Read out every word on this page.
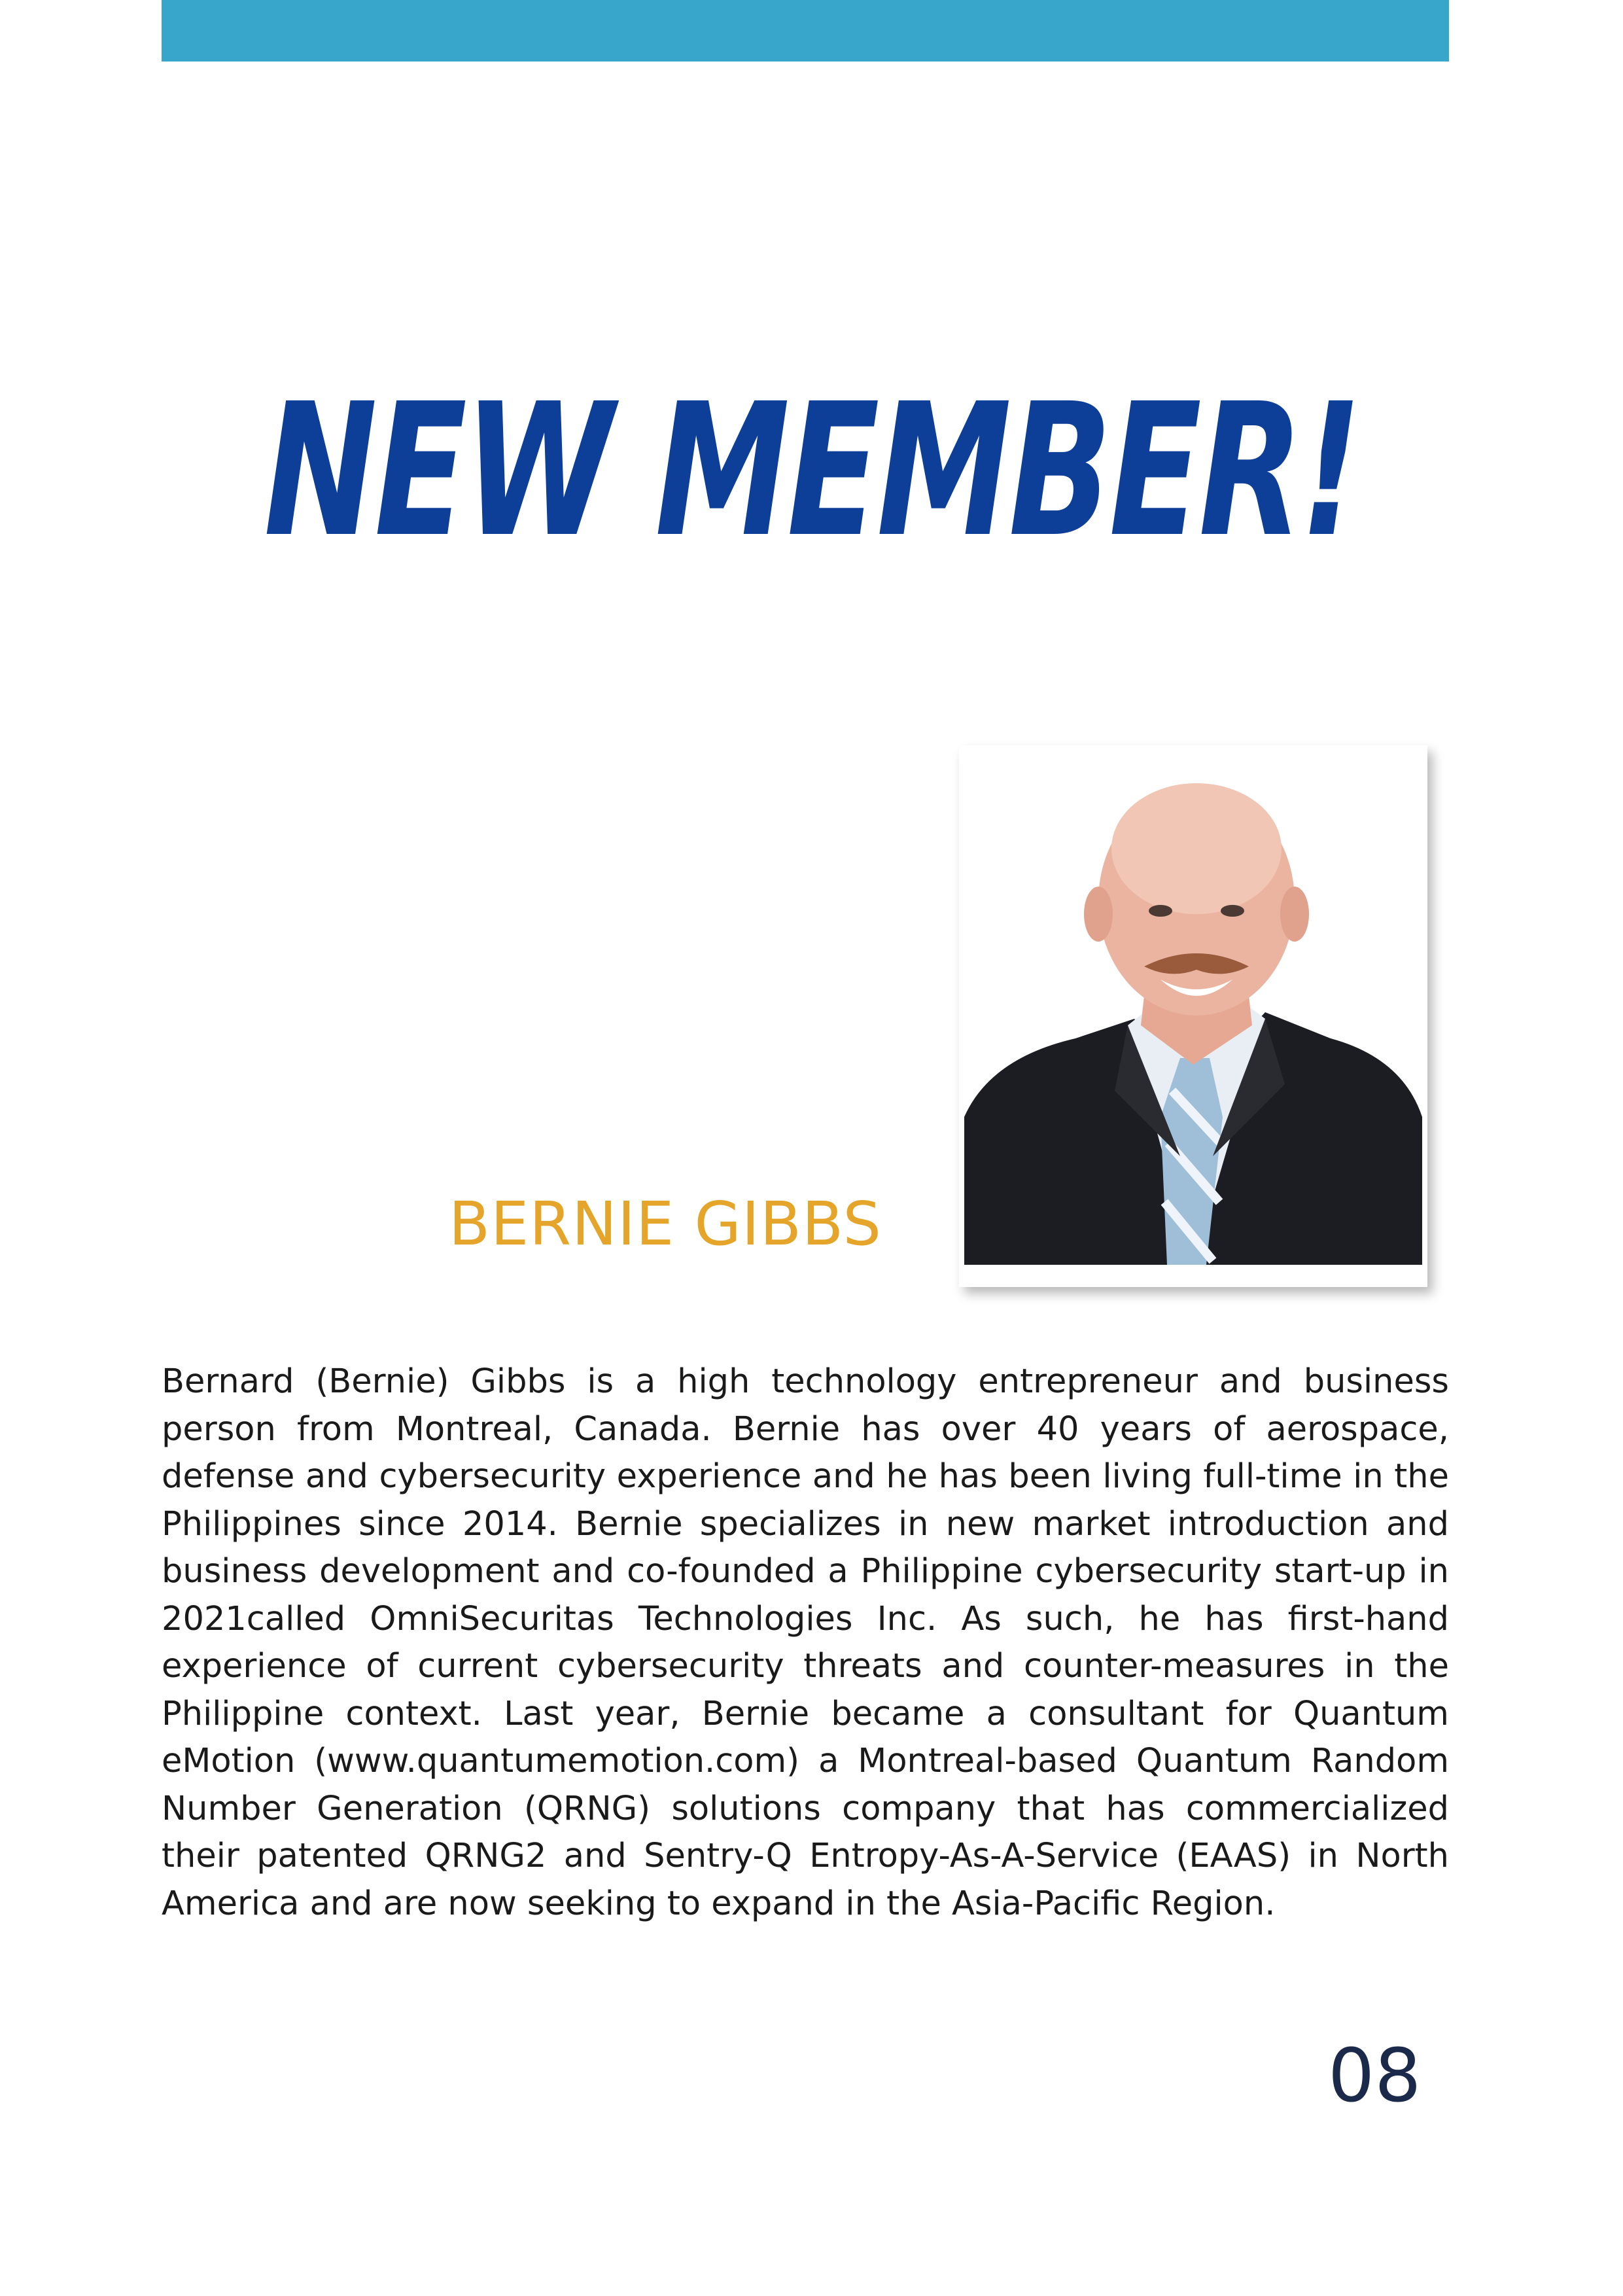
NEW MEMBER!
BERNIE GIBBS

Bernard (Bernie) Gibbs is a high technology entrepreneur and business person from Montreal, Canada. Bernie has over 40 years of aerospace, defense and cybersecurity experience and he has been living full-time in the Philippines since 2014. Bernie specializes in new market introduction and business development and co-founded a Philippine cybersecurity start-up in 2021called OmniSecuritas Technologies Inc. As such, he has first-hand experience of current cybersecurity threats and counter-measures in the Philippine context. Last year, Bernie became a consultant for Quantum eMotion (www.quantumemotion.com) a Montreal-based Quantum Random Number Generation (QRNG) solutions company that has commercialized their patented QRNG2 and Sentry-Q Entropy-As-A-Service (EAAS) in North America and are now seeking to expand in the Asia-Pacific Region.

08
